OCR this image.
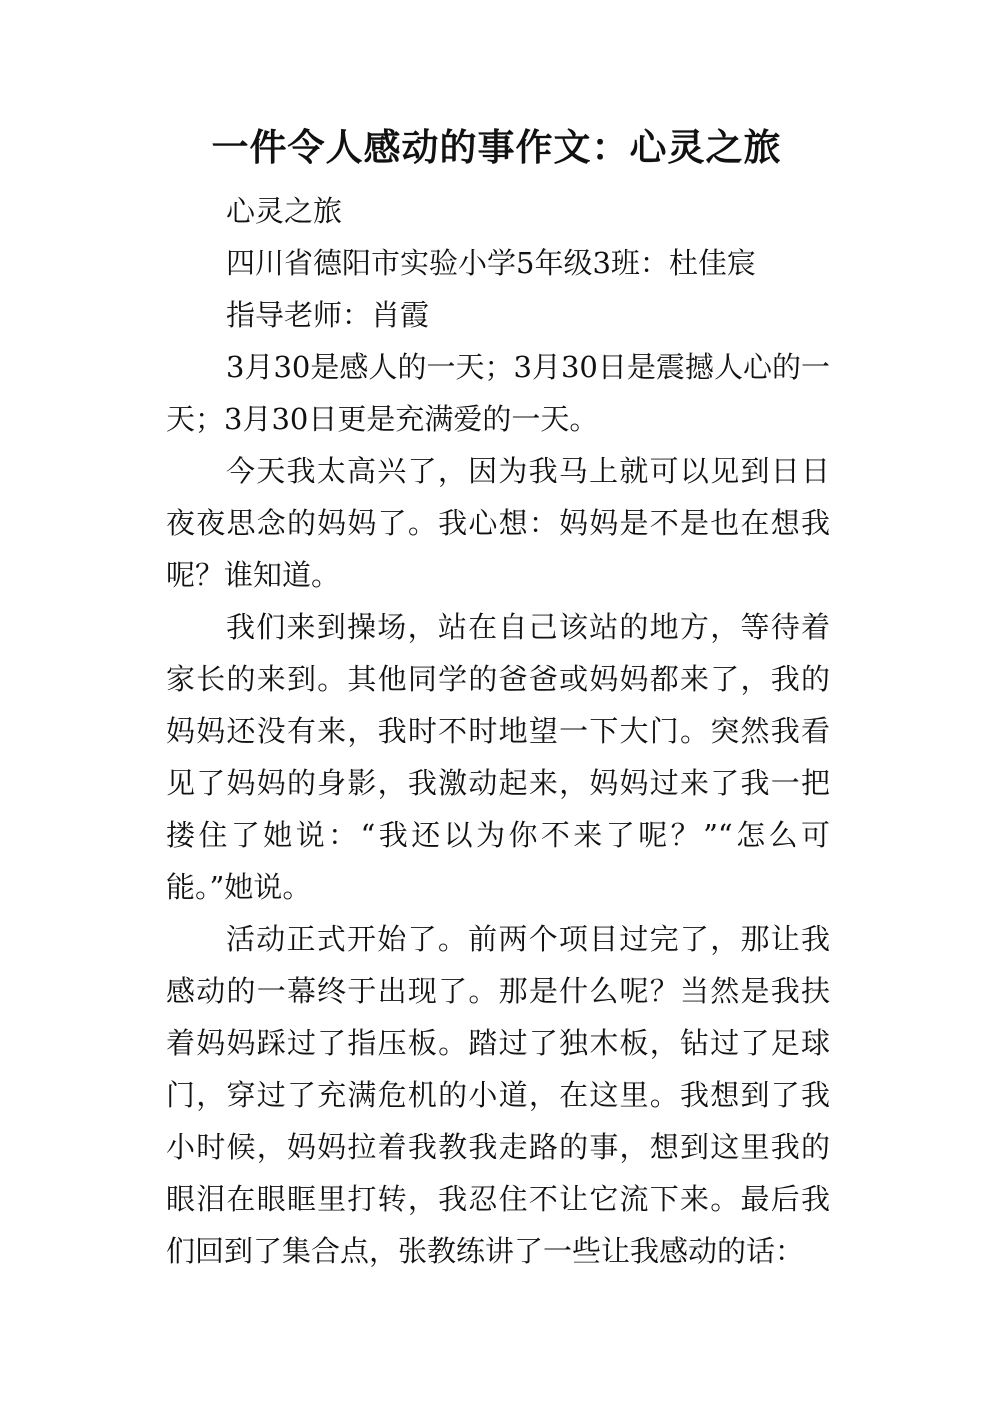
一件令人感动的事作文：心灵之旅

心灵之旅

四川省德阳市实验小学5年级3班：杜佳宸

指导老师：肖霞

3月30是感人的一天；3月30日是震撼人心的一天；3月30日更是充满爱的一天。

今天我太高兴了，因为我马上就可以见到日日夜夜思念的妈妈了。我心想：妈妈是不是也在想我呢？谁知道。

我们来到操场，站在自己该站的地方，等待着家长的来到。其他同学的爸爸或妈妈都来了，我的妈妈还没有来，我时不时地望一下大门。突然我看见了妈妈的身影，我激动起来，妈妈过来了我一把搂住了她说：“我还以为你不来了呢？”“怎么可能。”她说。

活动正式开始了。前两个项目过完了，那让我感动的一幕终于出现了。那是什么呢？当然是我扶着妈妈踩过了指压板。踏过了独木板，钻过了足球门，穿过了充满危机的小道，在这里。我想到了我小时候，妈妈拉着我教我走路的事，想到这里我的眼泪在眼眶里打转，我忍住不让它流下来。最后我们回到了集合点，张教练讲了一些让我感动的话：
